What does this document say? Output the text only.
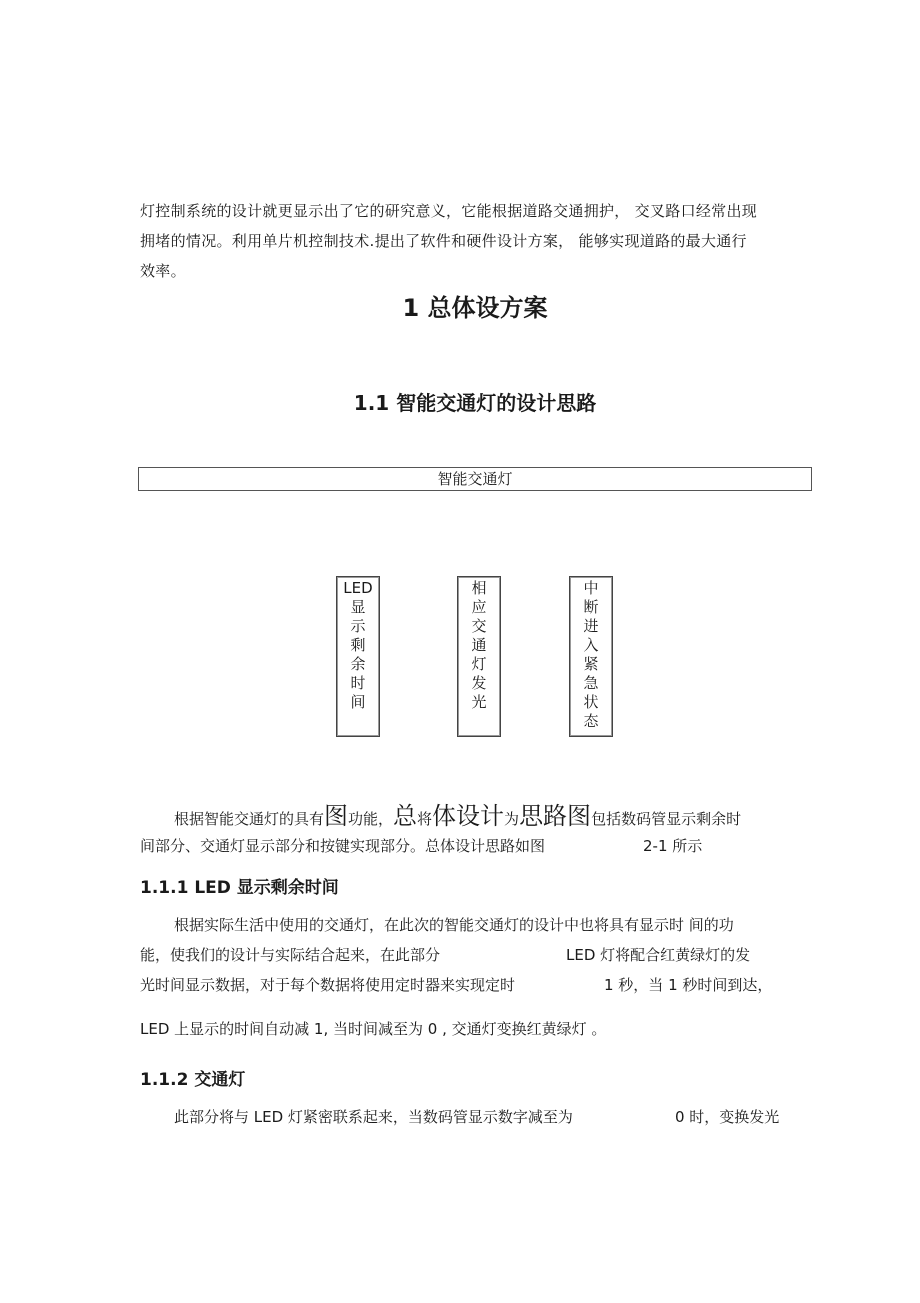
灯控制系统的设计就更显示出了它的研究意义，它能根据道路交通拥护， 交叉路口经常出现

拥堵的情况。利用单片机控制技术.提出了软件和硬件设计方案， 能够实现道路的最大通行

效率。

1 总体设方案
1.1 智能交通灯的设计思路
智能交通灯
LED
显
示
剩
余
时
间
相
应
交
通
灯
发
光
中
断
进
入
紧
急
状
态

根据智能交通灯的具有图功能，总将体设计为思路图包括数码管显示剩余时

间部分、交通灯显示部分和按键实现部分。总体设计思路如图	2-1 所示

1.1.1 LED 显示剩余时间

根据实际生活中使用的交通灯，在此次的智能交通灯的设计中也将具有显示时 间的功

能，使我们的设计与实际结合起来，在此部分	LED 灯将配合红黄绿灯的发

光时间显示数据，对于每个数据将使用定时器来实现定时	1 秒，当 1 秒时间到达，

LED 上显示的时间自动减 1, 当时间减至为 0 , 交通灯变换红黄绿灯 。

1.1.2 交通灯

此部分将与 LED 灯紧密联系起来，当数码管显示数字减至为	0 时，变换发光
